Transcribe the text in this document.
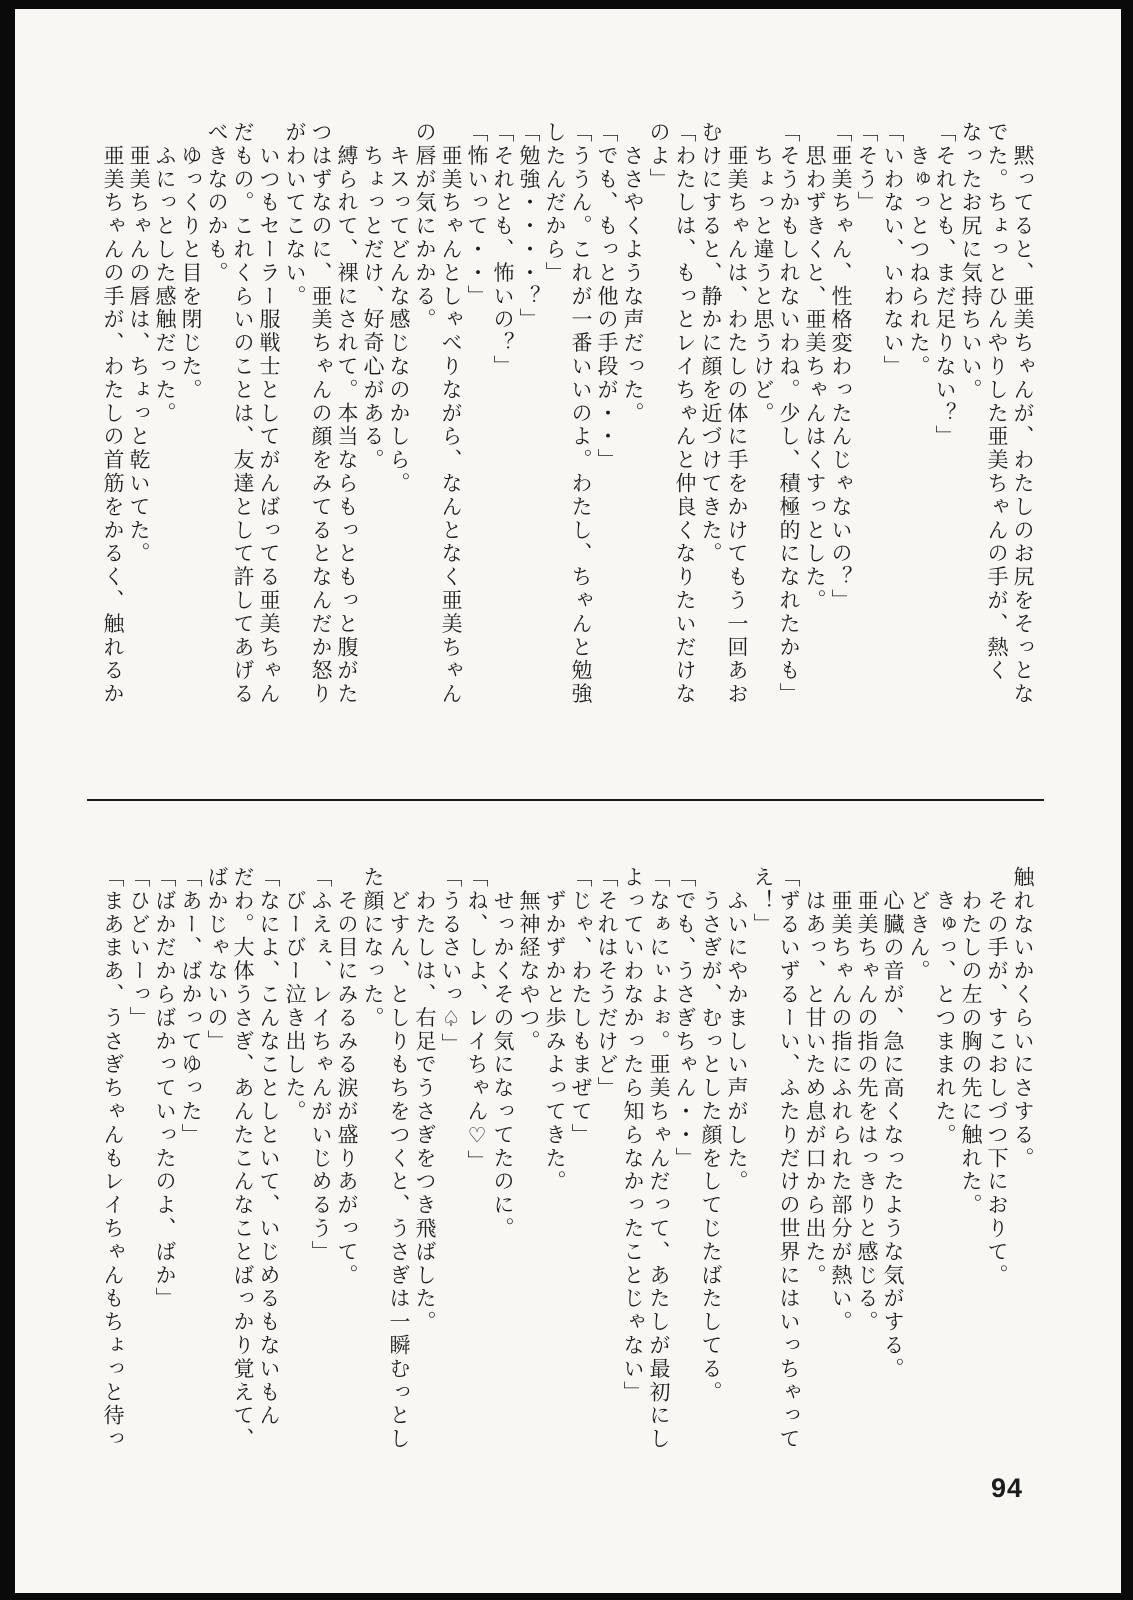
　黙ってると、亜美ちゃんが、わたしのお尻をそっとな
でた。ちょっとひんやりした亜美ちゃんの手が、熱く
なったお尻に気持ちいい。
「それとも、まだ足りない？」
　きゅっとつねられた。
「いわない、いわない」
「そう」
「亜美ちゃん、性格変わったんじゃないの？」
　思わずきくと、亜美ちゃんはくすっとした。
「そうかもしれないわね。少し、積極的になれたかも」
　ちょっと違うと思うけど。
　亜美ちゃんは、わたしの体に手をかけてもう一回あお
むけにすると、静かに顔を近づけてきた。
「わたしは、もっとレイちゃんと仲良くなりたいだけな
のよ」
　ささやくような声だった。
「でも、もっと他の手段が・・」
「ううん。これが一番いいのよ。わたし、ちゃんと勉強
したんだから」
「勉強・・・・？」
「それとも、怖いの？」
「怖いって・・」
　亜美ちゃんとしゃべりながら、なんとなく亜美ちゃん
の唇が気にかかる。
　キスってどんな感じなのかしら。
　ちょっとだけ、好奇心がある。
　縛られて、裸にされて。本当ならもっともっと腹がた
つはずなのに、亜美ちゃんの顔をみてるとなんだか怒り
がわいてこない。
　いつもセーラー服戦士としてがんばってる亜美ちゃん
だもの。これくらいのことは、友達として許してあげる
べきなのかも。
　ゆっくりと目を閉じた。
　ふにっとした感触だった。
　亜美ちゃんの唇は、ちょっと乾いてた。
　亜美ちゃんの手が、わたしの首筋をかるく、触れるか
触れないかくらいにさする。
　その手が、すこおしづつ下におりて。
　わたしの左の胸の先に触れた。
　きゅっ、とつままれた。
　どきん。
　心臓の音が、急に高くなったような気がする。
　亜美ちゃんの指の先をはっきりと感じる。
　亜美ちゃんの指にふれられた部分が熱い。
　はあっ、と甘いため息が口から出た。
「ずるいずるーい、ふたりだけの世界にはいっちゃって
え！」
　ふいにやかましい声がした。
　うさぎが、むっとした顔をしてじたばたしてる。
「でも、うさぎちゃん・・」
「なぁにぃよぉ。亜美ちゃんだって、あたしが最初にし
よっていわなかったら知らなかったことじゃない」
「それはそうだけど」
「じゃ、わたしもまぜて」
　ずかずかと歩みよってきた。
　無神経なやつ。
　せっかくその気になってたのに。
「ね、しよ、レイちゃん♡」
「うるさいっ♤」
　わたしは、右足でうさぎをつき飛ばした。
　どすん、としりもちをつくと、うさぎは一瞬むっとし
た顔になった。
　その目にみるみる涙が盛りあがって。
「ふえぇ、レイちゃんがいじめるう」
　びーびー泣き出した。
「なによ、こんなことしといて、いじめるもないもん
だわ。大体うさぎ、あんたこんなことばっかり覚えて、
ばかじゃないの」
「あー、ばかってゆった」
「ばかだからばかっていったのよ、ばか」
「ひどいーっ」
「まあまあ、うさぎちゃんもレイちゃんもちょっと待っ
94
